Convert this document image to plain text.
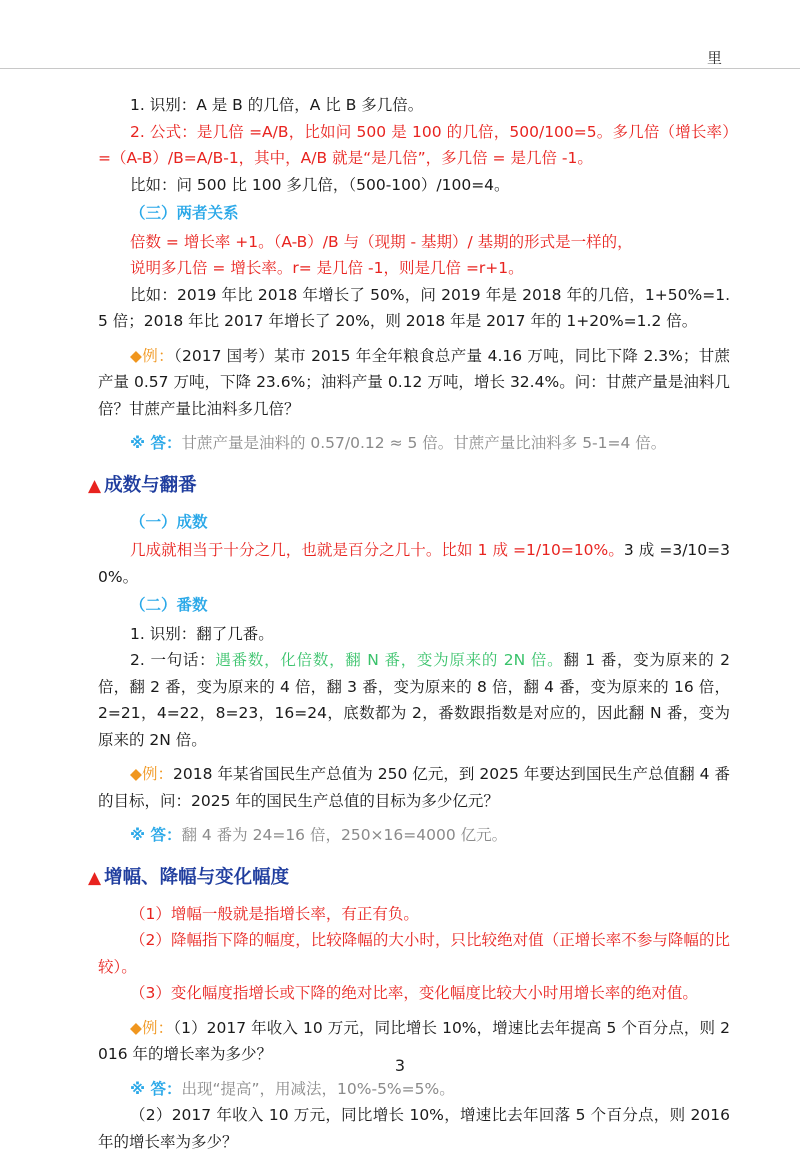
里

1. 识别：A 是 B 的几倍，A 比 B 多几倍。

2. 公式：是几倍 =A/B，比如问 500 是 100 的几倍，500/100=5。多几倍（增长率）=（A-B）/B=A/B-1，其中，A/B 就是“是几倍”，多几倍 = 是几倍 -1。

比如：问 500 比 100 多几倍，（500-100）/100=4。

（三）两者关系

倍数 = 增长率 +1。（A-B）/B 与（现期 - 基期）/ 基期的形式是一样的，

说明多几倍 = 增长率。r= 是几倍 -1，则是几倍 =r+1。

比如：2019 年比 2018 年增长了 50%，问 2019 年是 2018 年的几倍，1+50%=1.5 倍；2018 年比 2017 年增长了 20%，则 2018 年是 2017 年的 1+20%=1.2 倍。

◆例：（2017 国考）某市 2015 年全年粮食总产量 4.16 万吨，同比下降 2.3%；甘蔗产量 0.57 万吨，下降 23.6%；油料产量 0.12 万吨，增长 32.4%。问：甘蔗产量是油料几倍？甘蔗产量比油料多几倍？

※ 答：甘蔗产量是油料的 0.57/0.12 ≈ 5 倍。甘蔗产量比油料多 5-1=4 倍。

▲ 成数与翻番

（一）成数

几成就相当于十分之几，也就是百分之几十。比如 1 成 =1/10=10%。3 成 =3/10=30%。

（二）番数

1. 识别：翻了几番。

2. 一句话：遇番数，化倍数，翻 N 番，变为原来的 2N 倍。翻 1 番，变为原来的 2 倍，翻 2 番，变为原来的 4 倍，翻 3 番，变为原来的 8 倍，翻 4 番，变为原来的 16 倍，2=21，4=22，8=23，16=24，底数都为 2，番数跟指数是对应的，因此翻 N 番，变为原来的 2N 倍。

◆例：2018 年某省国民生产总值为 250 亿元，到 2025 年要达到国民生产总值翻 4 番的目标，问：2025 年的国民生产总值的目标为多少亿元？

※ 答：翻 4 番为 24=16 倍，250×16=4000 亿元。

▲ 增幅、降幅与变化幅度

（1）增幅一般就是指增长率，有正有负。

（2）降幅指下降的幅度，比较降幅的大小时，只比较绝对值（正增长率不参与降幅的比较）。

（3）变化幅度指增长或下降的绝对比率，变化幅度比较大小时用增长率的绝对值。

◆例：（1）2017 年收入 10 万元，同比增长 10%，增速比去年提高 5 个百分点，则 2016 年的增长率为多少？

※ 答：出现“提高”，用减法，10%-5%=5%。

（2）2017 年收入 10 万元，同比增长 10%，增速比去年回落 5 个百分点，则 2016 年的增长率为多少？

3
